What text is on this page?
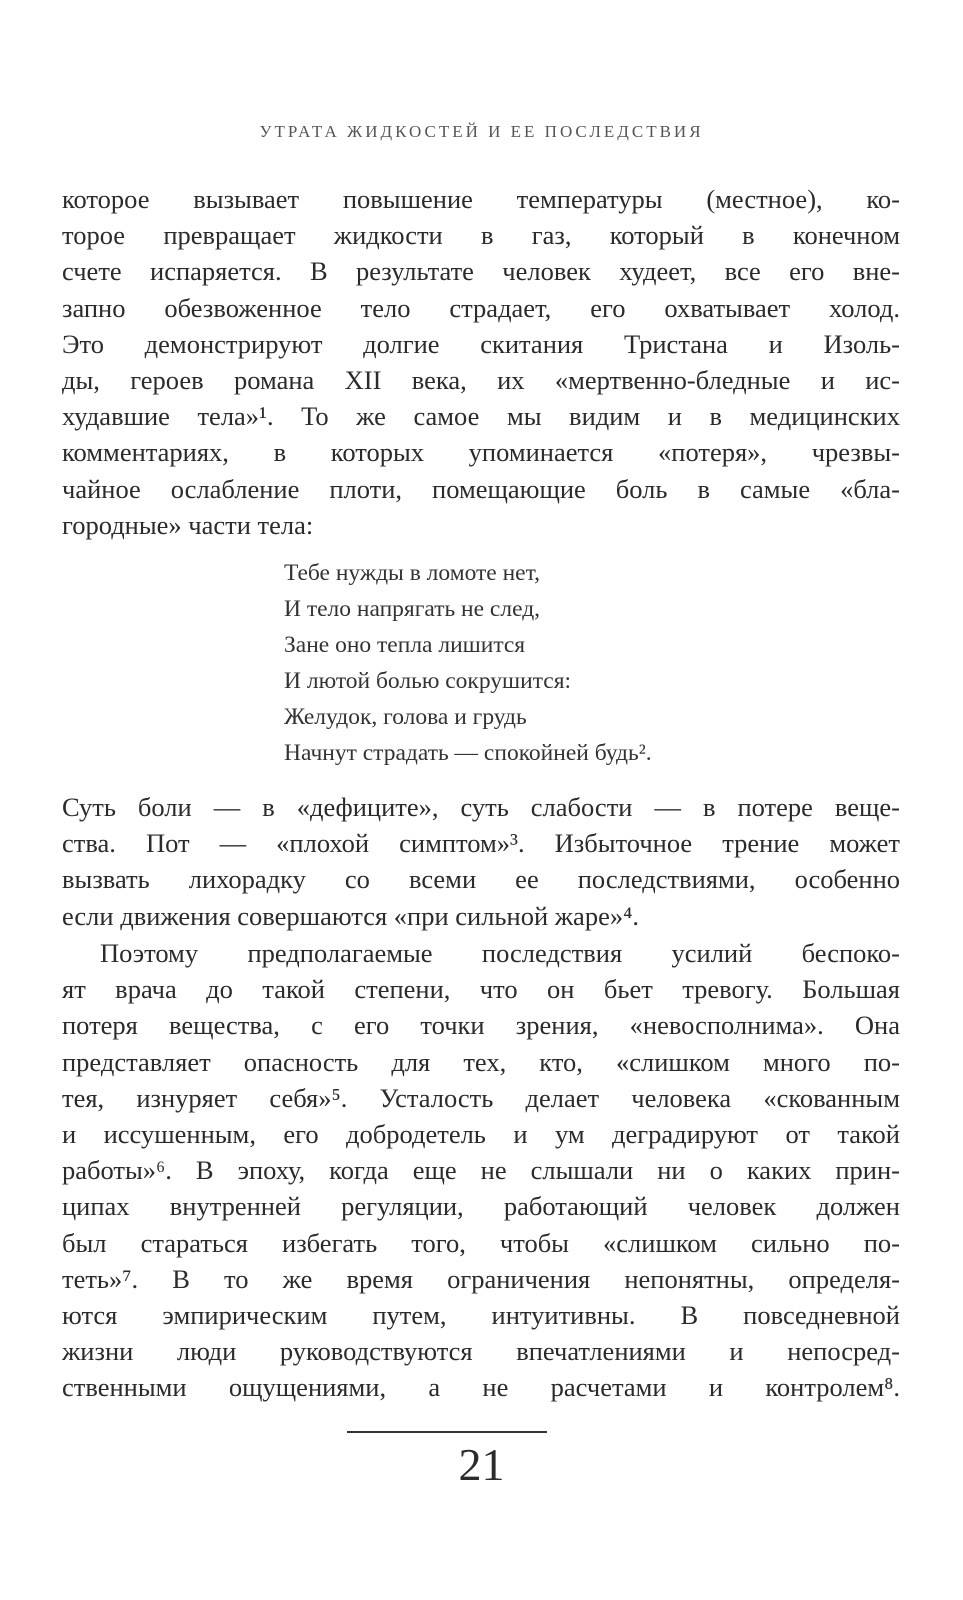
УТРАТА ЖИДКОСТЕЙ И ЕЕ ПОСЛЕДСТВИЯ
которое вызывает повышение температуры (местное), ко-
торое превращает жидкости в газ, который в конечном
счете испаряется. В результате человек худеет, все его вне-
запно обезвоженное тело страдает, его охватывает холод.
Это демонстрируют долгие скитания Тристана и Изоль-
ды, героев романа XII века, их «мертвенно-бледные и ис-
худавшие тела»¹. То же самое мы видим и в медицинских
комментариях, в которых упоминается «потеря», чрезвы-
чайное ослабление плоти, помещающие боль в самые «бла-
городные» части тела:
Тебе нужды в ломоте нет,
И тело напрягать не след,
Зане оно тепла лишится
И лютой болью сокрушится:
Желудок, голова и грудь
Начнут страдать — спокойней будь².
Суть боли — в «дефиците», суть слабости — в потере веще-
ства. Пот — «плохой симптом»³. Избыточное трение может
вызвать лихорадку со всеми ее последствиями, особенно
если движения совершаются «при сильной жаре»⁴.
Поэтому предполагаемые последствия усилий беспоко-
ят врача до такой степени, что он бьет тревогу. Большая
потеря вещества, с его точки зрения, «невосполнима». Она
представляет опасность для тех, кто, «слишком много по-
тея, изнуряет себя»⁵. Усталость делает человека «скованным
и иссушенным, его добродетель и ум деградируют от такой
работы»⁶. В эпоху, когда еще не слышали ни о каких прин-
ципах внутренней регуляции, работающий человек должен
был стараться избегать того, чтобы «слишком сильно по-
теть»⁷. В то же время ограничения непонятны, определя-
ются эмпирическим путем, интуитивны. В повседневной
жизни люди руководствуются впечатлениями и непосред-
ственными ощущениями, а не расчетами и контролем⁸.
21
